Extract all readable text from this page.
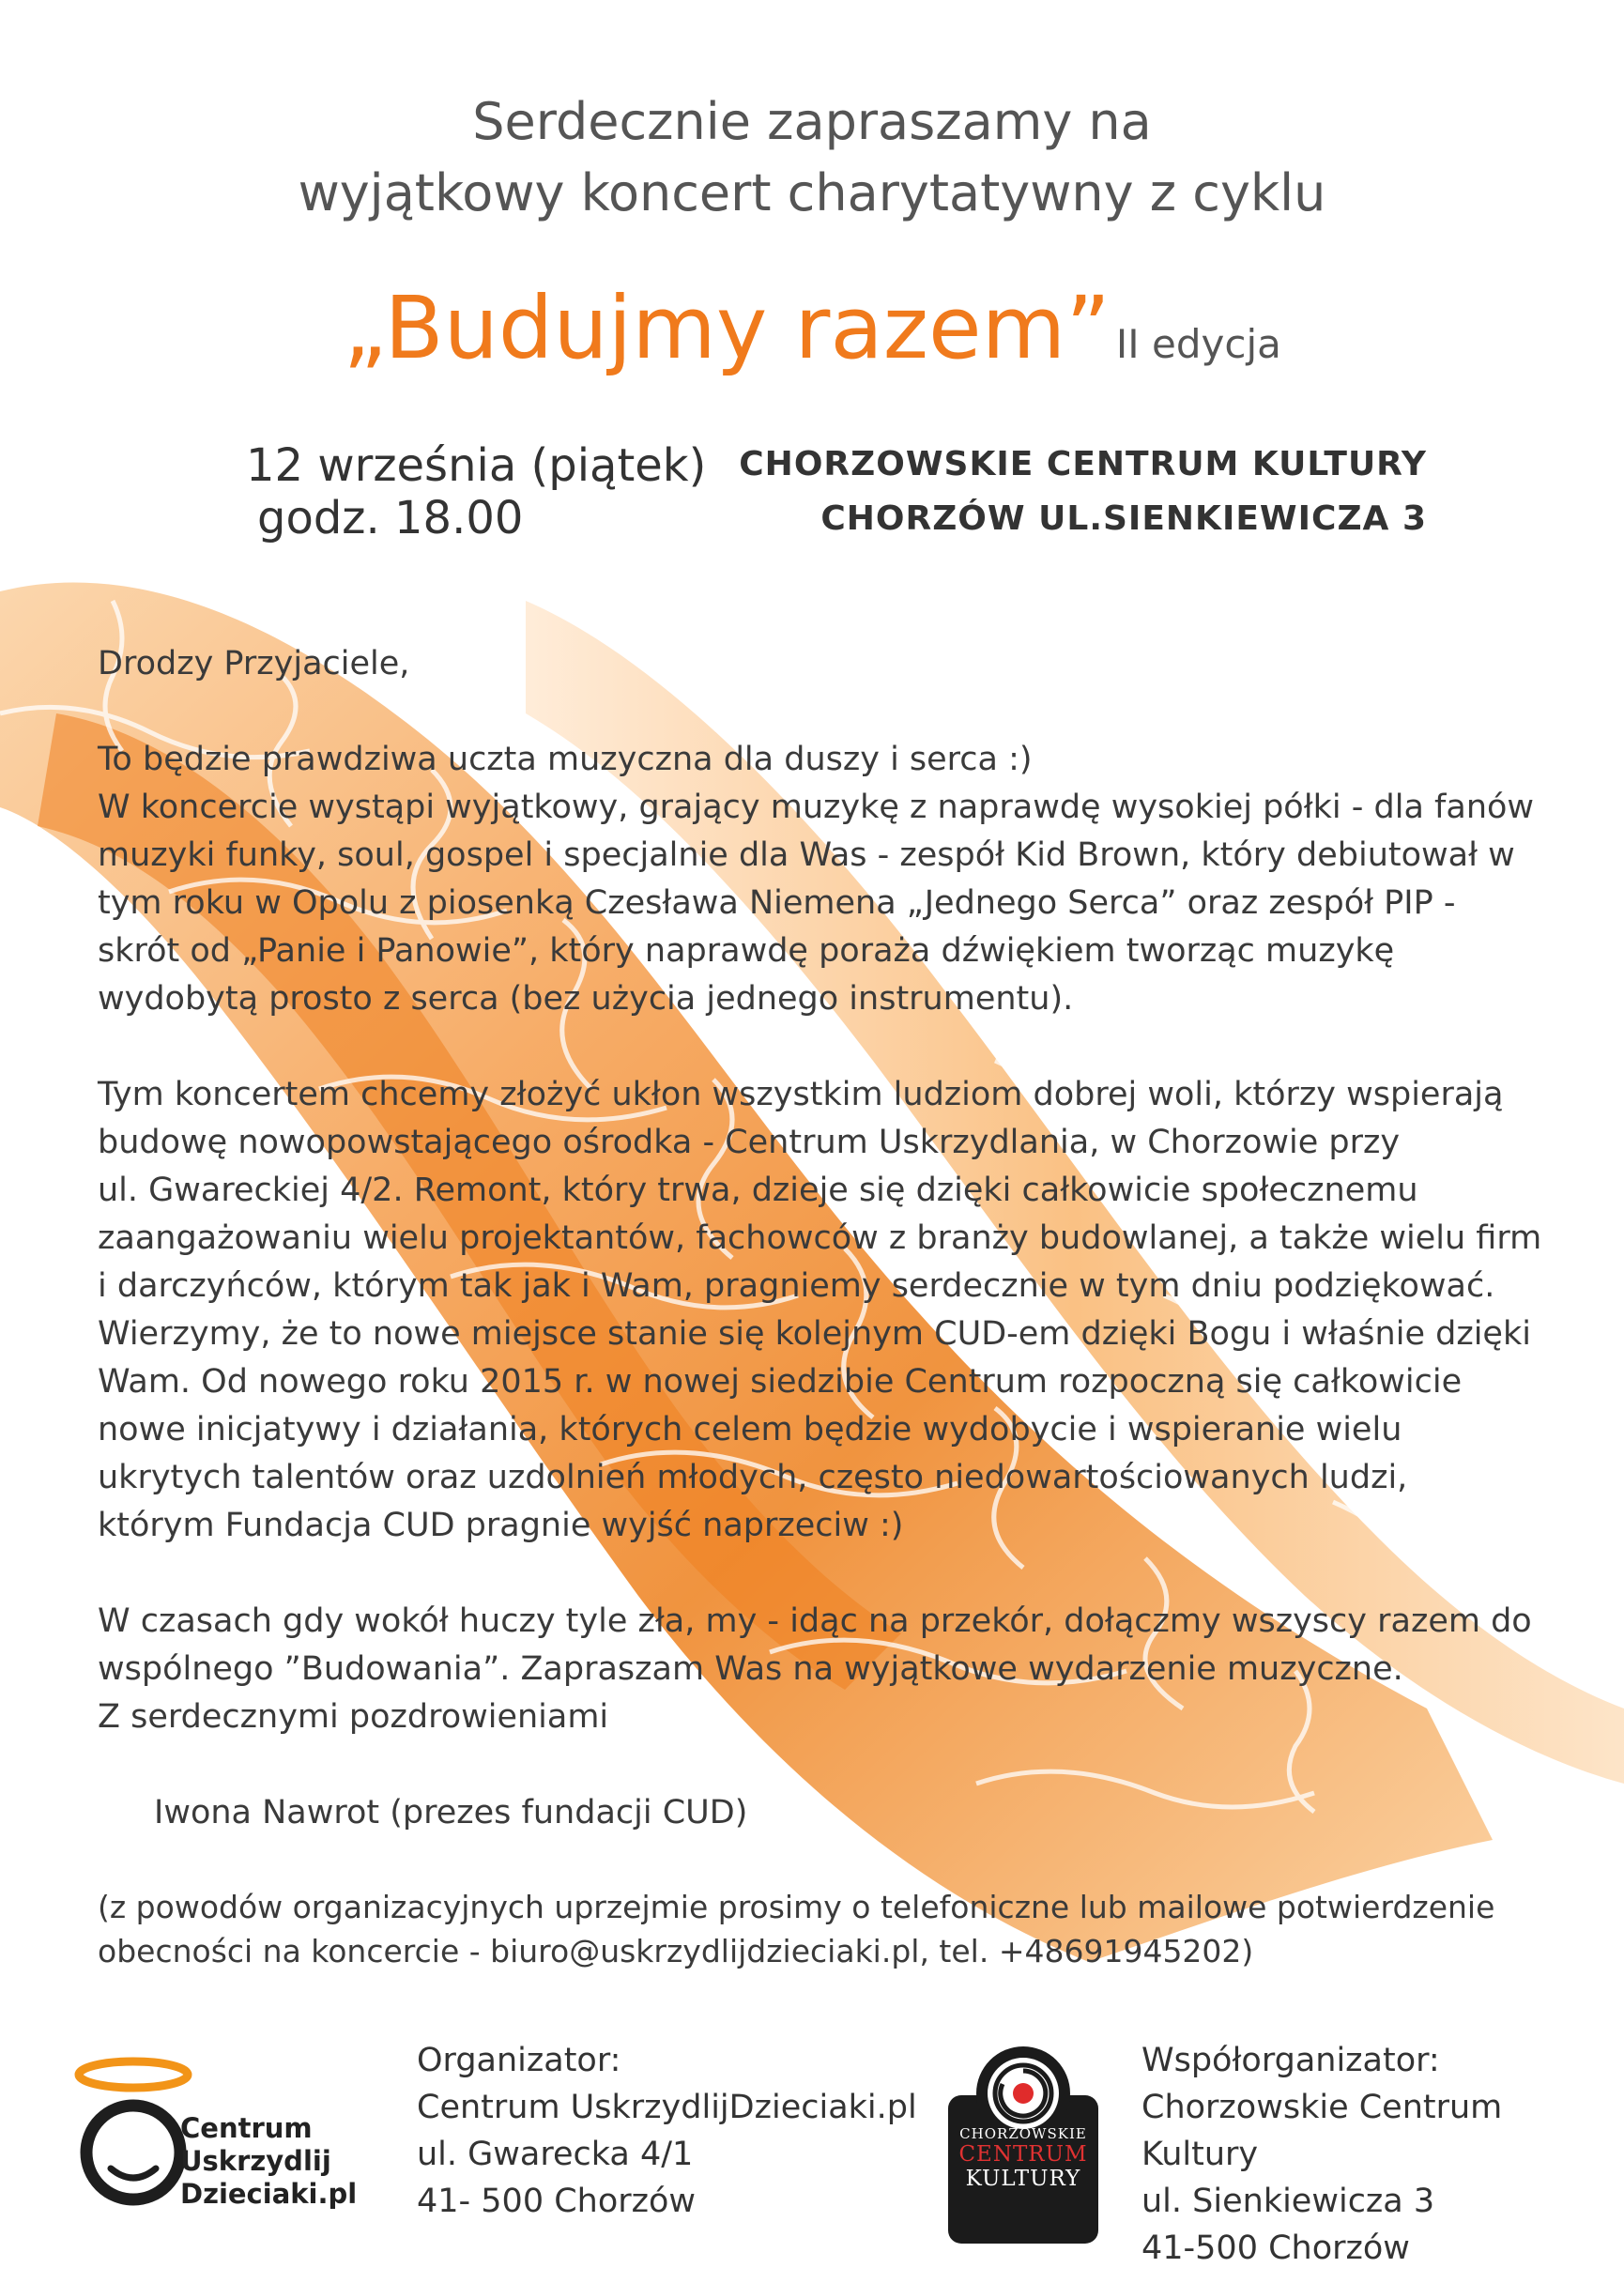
Serdecznie zapraszamy na
wyjątkowy koncert charytatywny z cyklu
„Budujmy razem” II edycja
12 września (piątek)
godz. 18.00
CHORZOWSKIE CENTRUM KULTURY
CHORZÓW UL.SIENKIEWICZA 3

Drodzy Przyjaciele,

To będzie prawdziwa uczta muzyczna dla duszy i serca :)

W koncercie wystąpi wyjątkowy, grający muzykę z naprawdę wysokiej półki - dla fanów

muzyki funky, soul, gospel i specjalnie dla Was - zespół Kid Brown, który debiutował w

tym roku w Opolu z piosenką Czesława Niemena „Jednego Serca” oraz zespół PIP -

skrót od „Panie i Panowie”, który naprawdę poraża dźwiękiem tworząc muzykę

wydobytą prosto z serca (bez użycia jednego instrumentu).

Tym koncertem chcemy złożyć ukłon wszystkim ludziom dobrej woli, którzy wspierają

budowę nowopowstającego ośrodka - Centrum Uskrzydlania, w Chorzowie przy

ul. Gwareckiej 4/2. Remont, który trwa, dzieje się dzięki całkowicie społecznemu

zaangażowaniu wielu projektantów, fachowców z branży budowlanej, a także wielu firm

i darczyńców, którym tak jak i Wam, pragniemy serdecznie w tym dniu podziękować.

Wierzymy, że to nowe miejsce stanie się kolejnym CUD-em dzięki Bogu i właśnie dzięki

Wam. Od nowego roku 2015 r. w nowej siedzibie Centrum rozpoczną się całkowicie

nowe inicjatywy i działania, których celem będzie wydobycie i wspieranie wielu

ukrytych talentów oraz uzdolnień młodych, często niedowartościowanych ludzi,

którym Fundacja CUD pragnie wyjść naprzeciw :)

W czasach gdy wokół huczy tyle zła, my - idąc na przekór, dołączmy wszyscy razem do

wspólnego ”Budowania”. Zapraszam Was na wyjątkowe wydarzenie muzyczne.

Z serdecznymi pozdrowieniami

Iwona Nawrot (prezes fundacji CUD)

(z powodów organizacyjnych uprzejmie prosimy o telefoniczne lub mailowe potwierdzenie

obecności na koncercie - biuro@uskrzydlijdzieciaki.pl, tel. +48691945202)

Centrum
Uskrzydlij
Dzieciaki.pl
Organizator:
Centrum UskrzydlijDzieciaki.pl
ul. Gwarecka 4/1
41- 500 Chorzów
CHORZOWSKIE
CENTRUM
KULTURY
Współorganizator:
Chorzowskie Centrum Kultury
ul. Sienkiewicza 3
41-500 Chorzów
